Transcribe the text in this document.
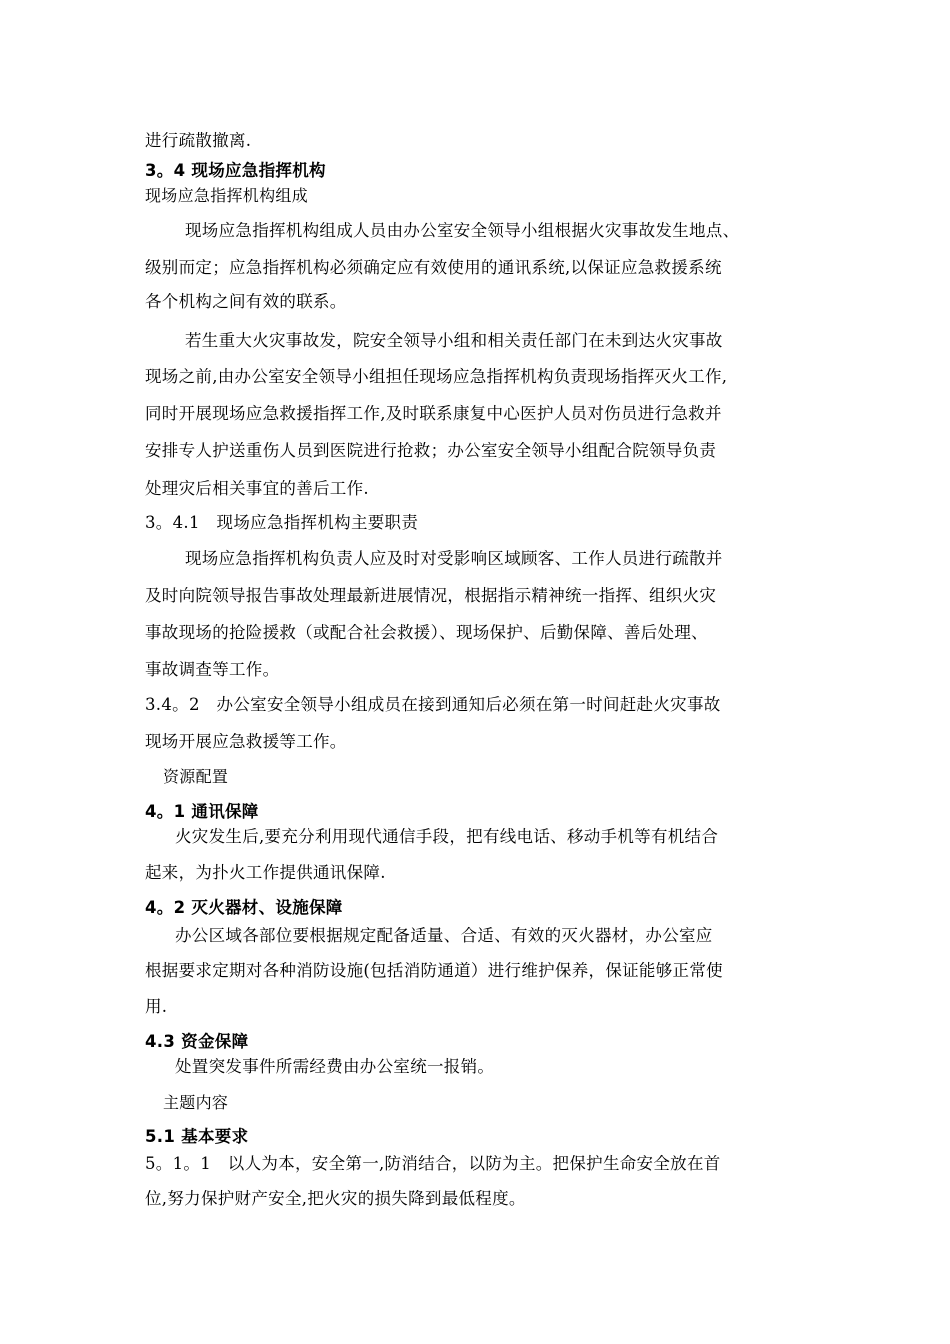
进行疏散撤离.
3。4 现场应急指挥机构
现场应急指挥机构组成
现场应急指挥机构组成人员由办公室安全领导小组根据火灾事故发生地点、
级别而定；应急指挥机构必须确定应有效使用的通讯系统,以保证应急救援系统
各个机构之间有效的联系。
若生重大火灾事故发，院安全领导小组和相关责任部门在未到达火灾事故
现场之前,由办公室安全领导小组担任现场应急指挥机构负责现场指挥灭火工作,
同时开展现场应急救援指挥工作,及时联系康复中心医护人员对伤员进行急救并
安排专人护送重伤人员到医院进行抢救；办公室安全领导小组配合院领导负责
处理灾后相关事宜的善后工作.
3。4.1　现场应急指挥机构主要职责
现场应急指挥机构负责人应及时对受影响区域顾客、工作人员进行疏散并
及时向院领导报告事故处理最新进展情况，根据指示精神统一指挥、组织火灾
事故现场的抢险援救（或配合社会救援）、现场保护、后勤保障、善后处理、
事故调查等工作。
3.4。2　办公室安全领导小组成员在接到通知后必须在第一时间赶赴火灾事故
现场开展应急救援等工作。
资源配置
4。1 通讯保障
火灾发生后,要充分利用现代通信手段，把有线电话、移动手机等有机结合
起来，为扑火工作提供通讯保障.
4。2 灭火器材、设施保障
办公区域各部位要根据规定配备适量、合适、有效的灭火器材，办公室应
根据要求定期对各种消防设施(包括消防通道）进行维护保养，保证能够正常使
用.
4.3 资金保障
处置突发事件所需经费由办公室统一报销。
主题内容
5.1 基本要求
5。1。1　以人为本，安全第一,防消结合，以防为主。把保护生命安全放在首
位,努力保护财产安全,把火灾的损失降到最低程度。
